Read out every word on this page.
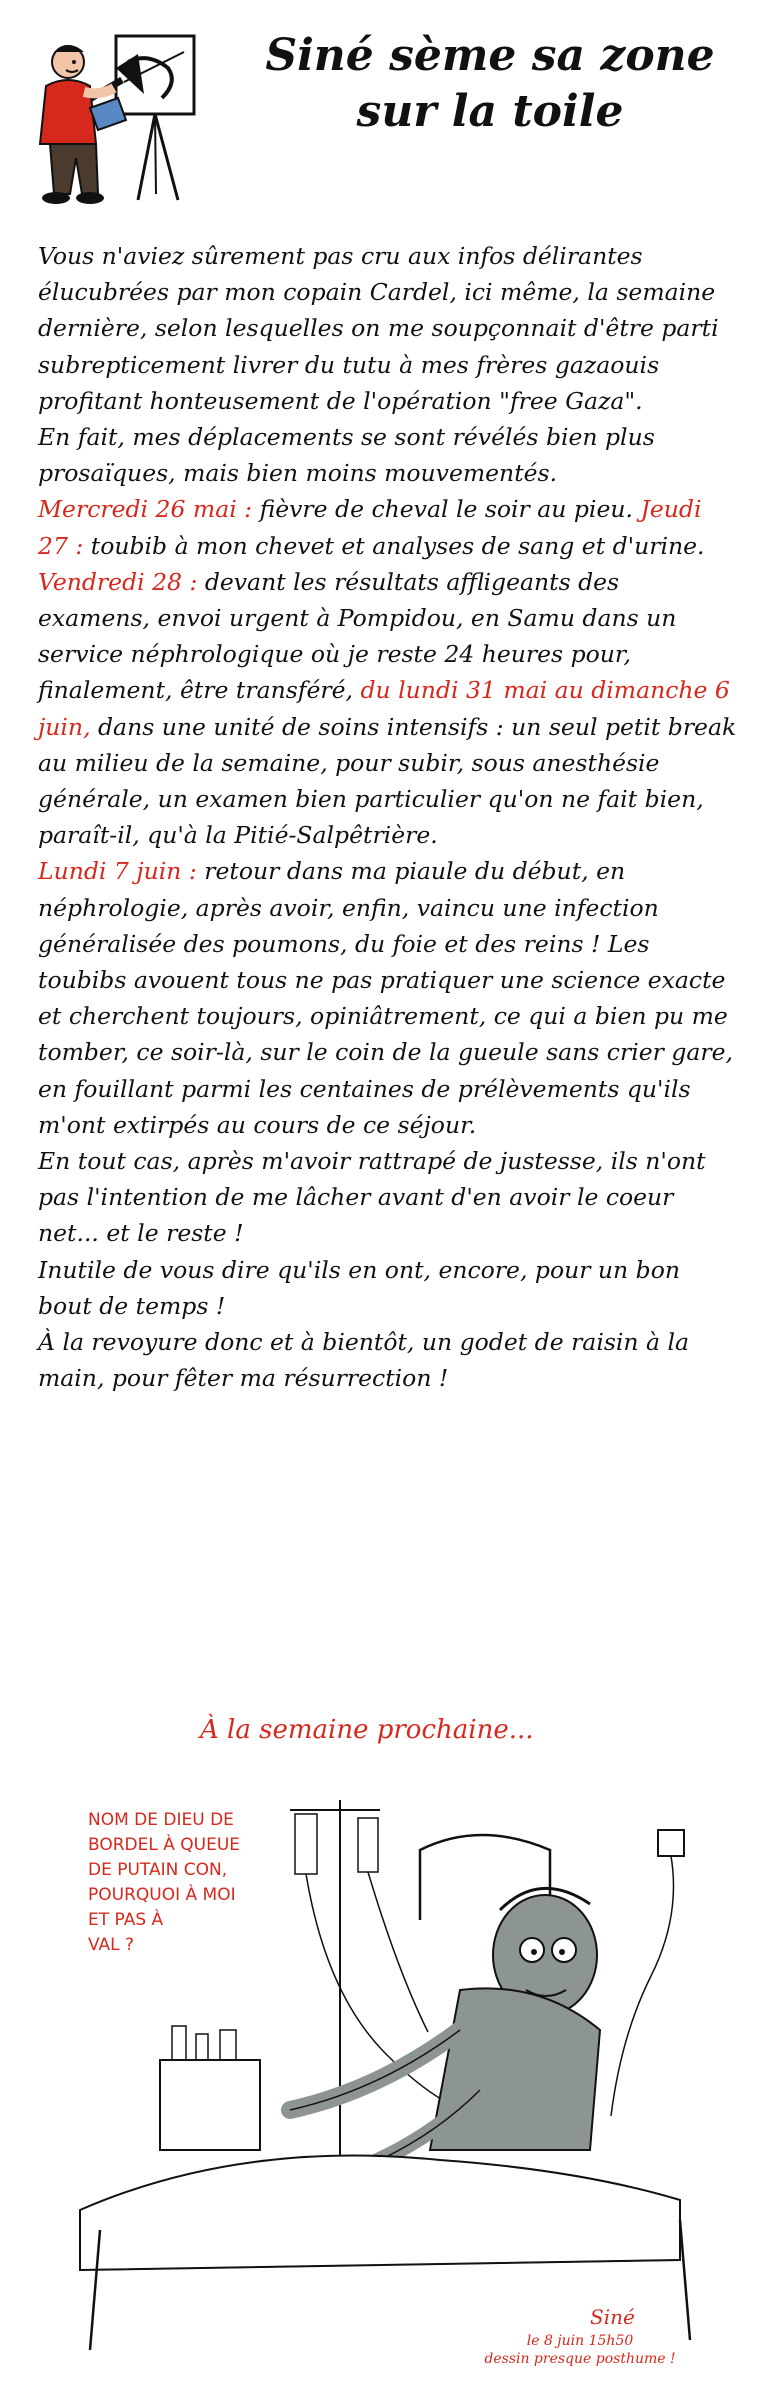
Siné sème sa zone
sur la toile

Vous n'aviez sûrement pas cru aux infos délirantes élucubrées par mon copain Cardel, ici même, la semaine dernière, selon lesquelles on me soupçonnait d'être parti subrepticement livrer du tutu à mes frères gazaouis profitant honteusement de l'opération "free Gaza".

En fait, mes déplacements se sont révélés bien plus prosaïques, mais bien moins mouvementés.

Mercredi 26 mai : fièvre de cheval le soir au pieu. Jeudi 27 : toubib à mon chevet et analyses de sang et d'urine. Vendredi 28 : devant les résultats affligeants des examens, envoi urgent à Pompidou, en Samu dans un service néphrologique où je reste 24 heures pour, finalement, être transféré, du lundi 31 mai au dimanche 6 juin, dans une unité de soins intensifs : un seul petit break au milieu de la semaine, pour subir, sous anesthésie générale, un examen bien particulier qu'on ne fait bien, paraît-il, qu'à la Pitié-Salpêtrière.

Lundi 7 juin : retour dans ma piaule du début, en néphrologie, après avoir, enfin, vaincu une infection généralisée des poumons, du foie et des reins ! Les toubibs avouent tous ne pas pratiquer une science exacte et cherchent toujours, opiniâtrement, ce qui a bien pu me tomber, ce soir-là, sur le coin de la gueule sans crier gare, en fouillant parmi les centaines de prélèvements qu'ils m'ont extirpés au cours de ce séjour.

En tout cas, après m'avoir rattrapé de justesse, ils n'ont pas l'intention de me lâcher avant d'en avoir le coeur net... et le reste !

Inutile de vous dire qu'ils en ont, encore, pour un bon bout de temps !

À la revoyure donc et à bientôt, un godet de raisin à la main, pour fêter ma résurrection !

À la semaine prochaine...
NOM DE DIEU DE
BORDEL À QUEUE
DE PUTAIN CON,
POURQUOI À MOI
ET PAS À
VAL ?
Siné
le 8 juin 15h50
dessin presque posthume !
